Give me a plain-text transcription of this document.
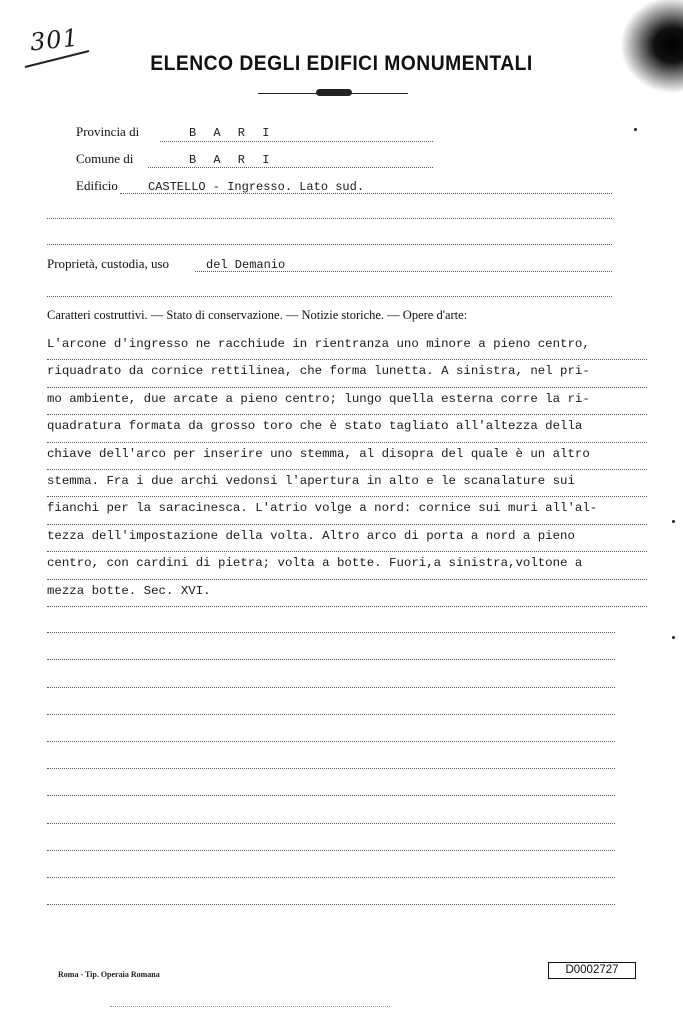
301
ELENCO DEGLI EDIFICI MONUMENTALI
Provincia di	B A R I
Comune di	B A R I
Edificio	CASTELLO - Ingresso. Lato sud.
Proprietà, custodia, uso	del Demanio
Caratteri costruttivi. — Stato di conservazione. — Notizie storiche. — Opere d'arte:
L'arcone d'ingresso ne racchiude in rientranza uno minore a pieno centro,
riquadrato da cornice rettilinea, che forma lunetta. A sinistra, nel pri-
mo ambiente, due arcate a pieno centro; lungo quella esterna corre la ri-
quadratura formata da grosso toro che è stato tagliato all'altezza della
chiave dell'arco per inserire uno stemma, al disopra del quale è un altro
stemma. Fra i due archi vedonsi l'apertura in alto e le scanalature sui
fianchi per la saracinesca. L'atrio volge a nord: cornice sui muri all'al-
tezza dell'impostazione della volta. Altro arco di porta a nord a pieno
centro, con cardini di pietra; volta a botte. Fuori,a sinistra,voltone a
mezza botte. Sec. XVI.
Roma - Tip. Operaia Romana	D0002727
